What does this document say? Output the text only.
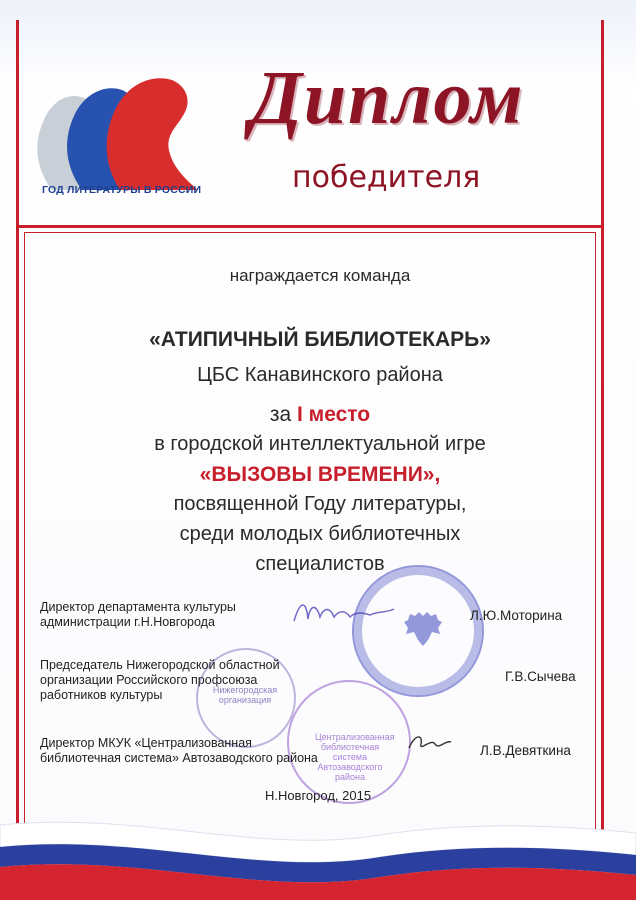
ГОД ЛИТЕРАТУРЫ В РОССИИ
Диплом
победителя
награждается команда
«АТИПИЧНЫЙ БИБЛИОТЕКАРЬ»
ЦБС Канавинского района
за I место
в городской интеллектуальной игре
«ВЫЗОВЫ ВРЕМЕНИ»,
посвященной Году литературы,
среди молодых библиотечных
специалистов
Нижегородская
организация
Централизованная
библиотечная система
Автозаводского района
Директор департамента культуры
администрации г.Н.Новгорода	Л.Ю.Моторина
Председатель Нижегородской областной
организации Российского профсоюза
работников культуры
Г.В.Сычева
Директор МКУК «Централизованная
библиотечная система» Автозаводского района	Л.В.Девяткина
Н.Новгород, 2015
